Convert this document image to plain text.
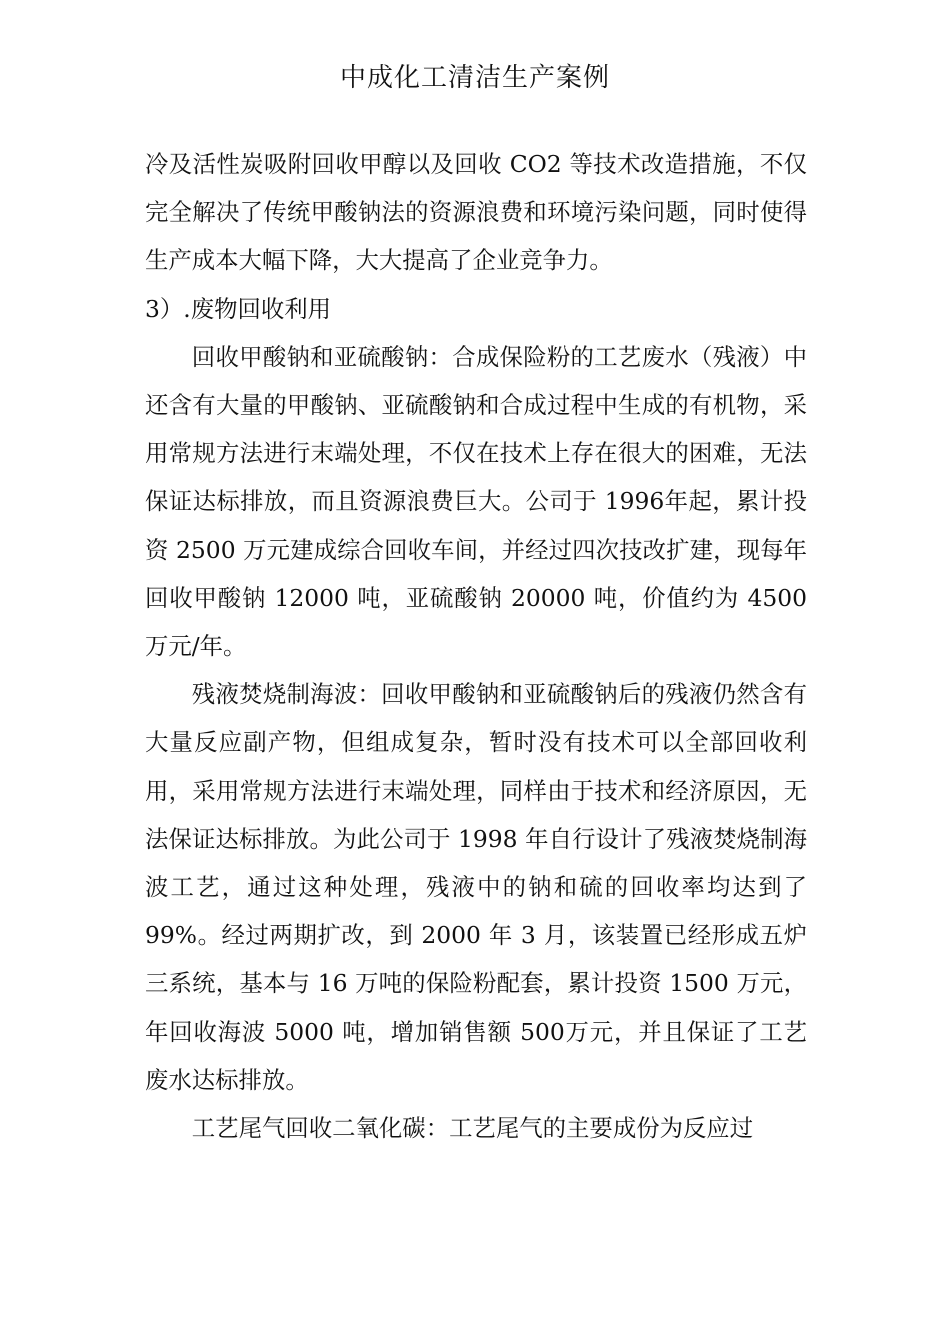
中成化工清洁生产案例

冷及活性炭吸附回收甲醇以及回收 CO2 等技术改造措施，不仅完全解决了传统甲酸钠法的资源浪费和环境污染问题，同时使得生产成本大幅下降，大大提高了企业竞争力。

3）.废物回收利用

回收甲酸钠和亚硫酸钠：合成保险粉的工艺废水（残液）中还含有大量的甲酸钠、亚硫酸钠和合成过程中生成的有机物，采用常规方法进行末端处理，不仅在技术上存在很大的困难，无法保证达标排放，而且资源浪费巨大。公司于 1996年起，累计投资 2500 万元建成综合回收车间，并经过四次技改扩建，现每年回收甲酸钠 12000 吨，亚硫酸钠 20000 吨，价值约为 4500 万元/年。

残液焚烧制海波：回收甲酸钠和亚硫酸钠后的残液仍然含有大量反应副产物，但组成复杂，暂时没有技术可以全部回收利用，采用常规方法进行末端处理，同样由于技术和经济原因，无法保证达标排放。为此公司于 1998 年自行设计了残液焚烧制海波工艺，通过这种处理，残液中的钠和硫的回收率均达到了 99%。经过两期扩改，到 2000 年 3 月，该装置已经形成五炉三系统，基本与 16 万吨的保险粉配套，累计投资 1500 万元，年回收海波 5000 吨，增加销售额 500万元，并且保证了工艺废水达标排放。

工艺尾气回收二氧化碳：工艺尾气的主要成份为反应过
